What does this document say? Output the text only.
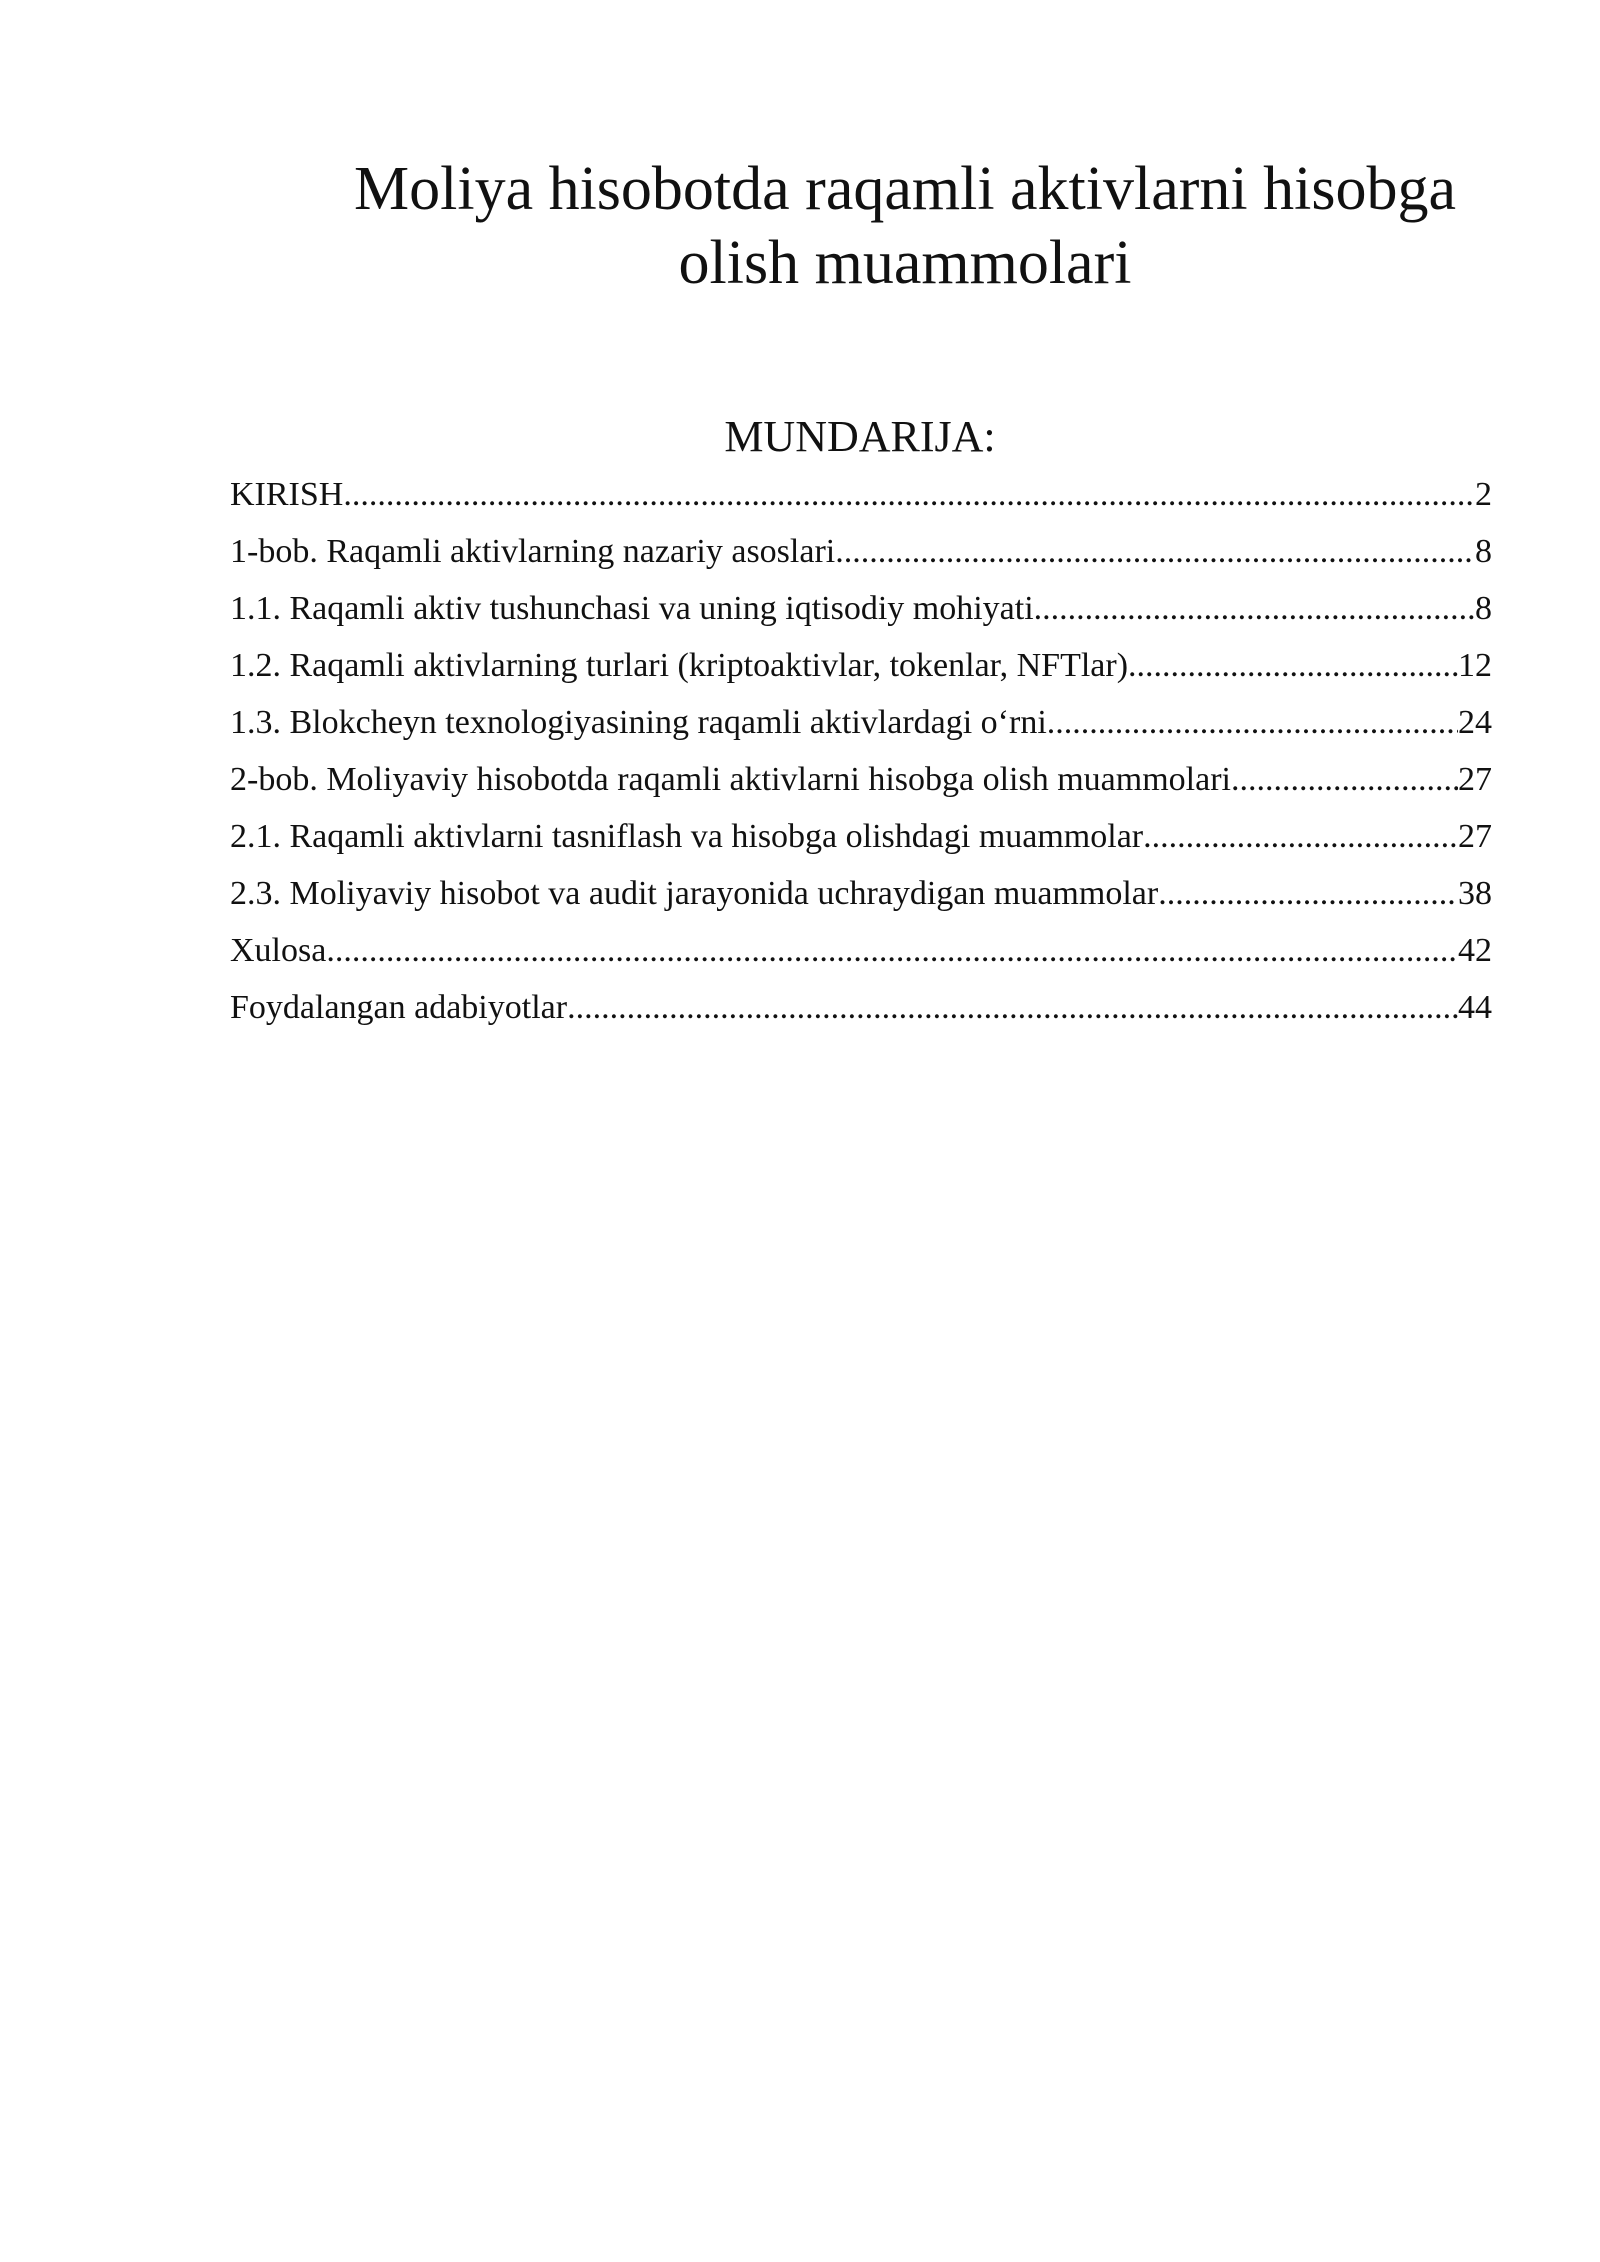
Moliya hisobotda raqamli aktivlarni hisobga olish muammolari
MUNDARIJA:
KIRISH .....	2
1-bob. Raqamli aktivlarning nazariy asoslari .....	8
1.1. Raqamli aktiv tushunchasi va uning iqtisodiy mohiyati .....	8
1.2. Raqamli aktivlarning turlari (kriptoaktivlar, tokenlar, NFTlar) .....	12
1.3. Blokcheyn texnologiyasining raqamli aktivlardagi o‘rni .....	24
2-bob. Moliyaviy hisobotda raqamli aktivlarni hisobga olish muammolari .....	27
2.1. Raqamli aktivlarni tasniflash va hisobga olishdagi muammolar .....	27
2.3. Moliyaviy hisobot va audit jarayonida uchraydigan muammolar .....	38
Xulosa .....	42
Foydalangan adabiyotlar .....	44
